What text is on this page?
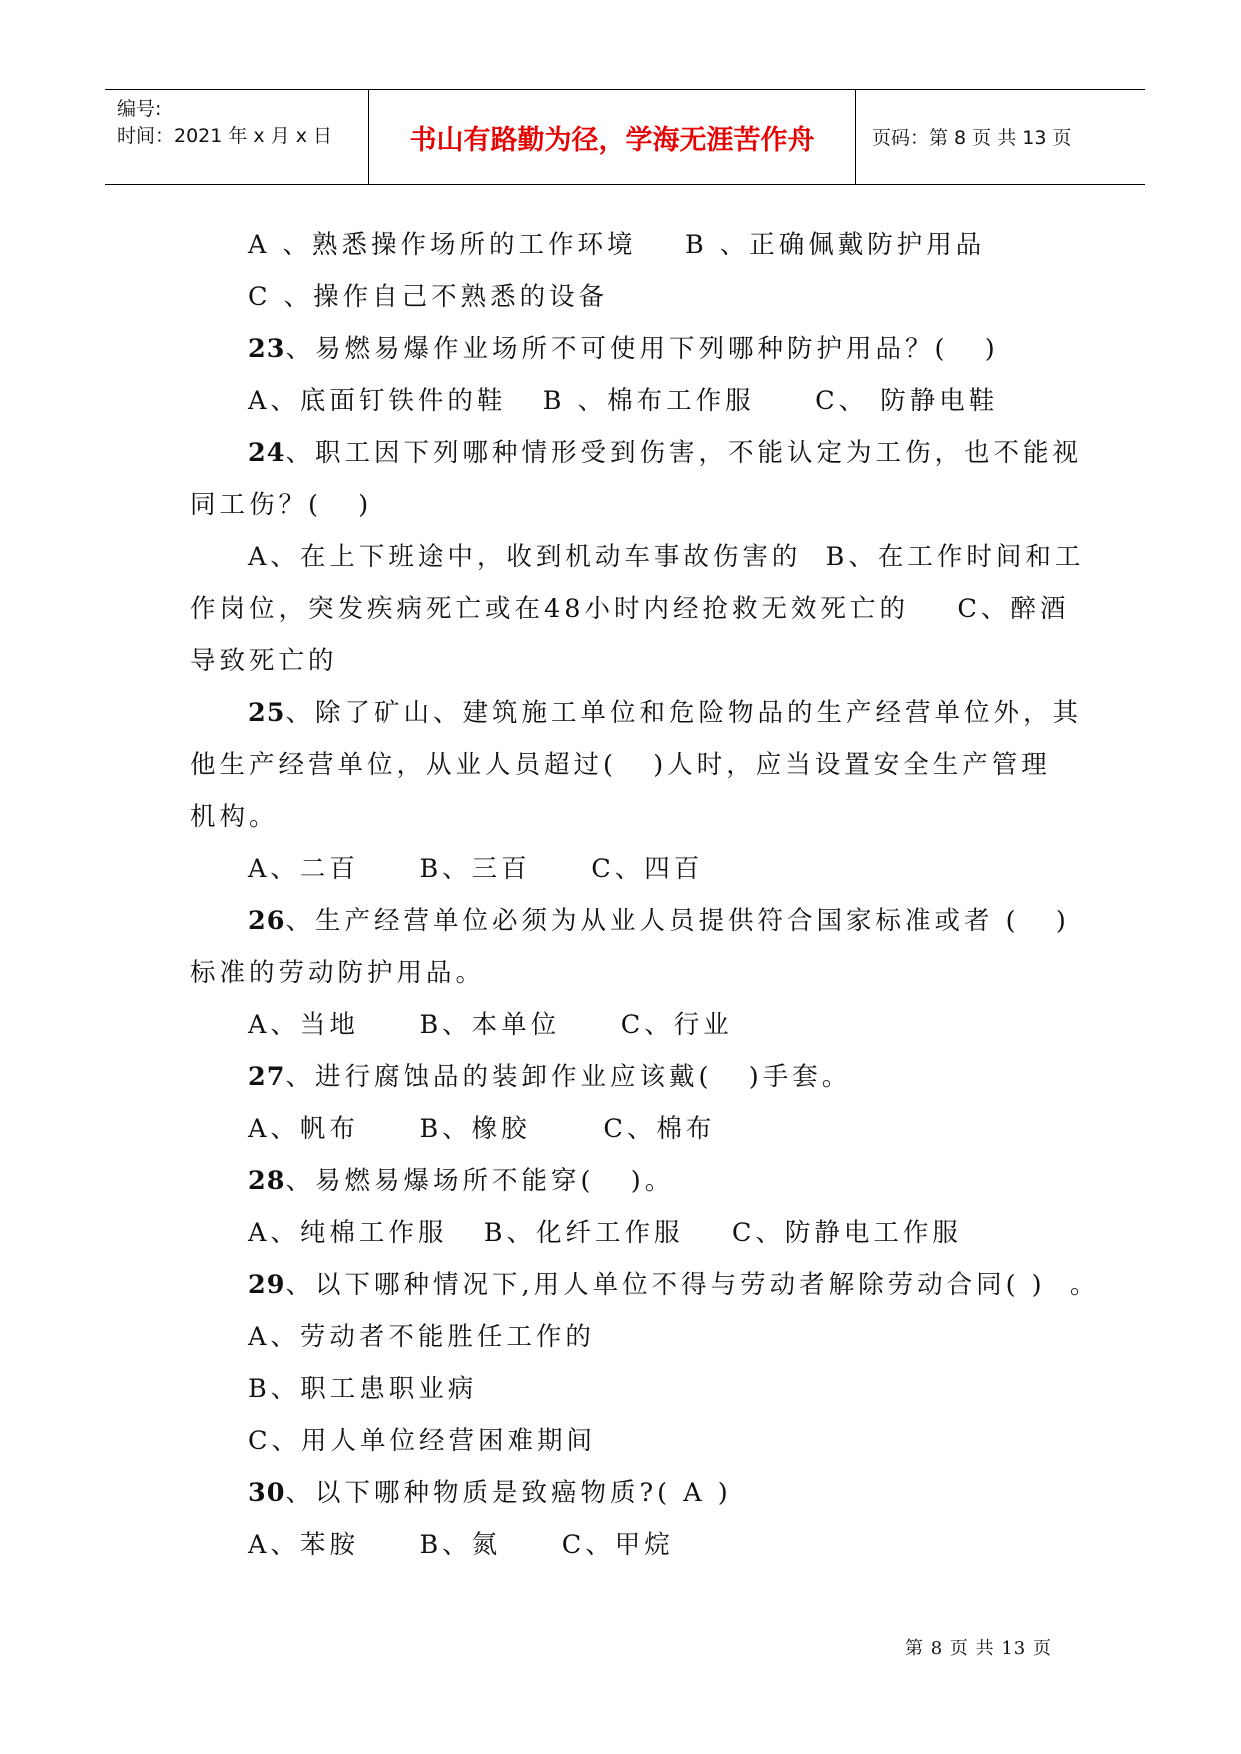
编号:
时间：2021 年 x 月 x 日	书山有路勤为径，学海无涯苦作舟	页码：第 8 页 共 13 页
A 、熟悉操作场所的工作环境    B 、正确佩戴防护用品
C 、操作自己不熟悉的设备
23、易燃易爆作业场所不可使用下列哪种防护用品？(   )
A、底面钉铁件的鞋   B 、棉布工作服     C、 防静电鞋
24、职工因下列哪种情形受到伤害，不能认定为工伤，也不能视
同工伤？(   )
A、在上下班途中，收到机动车事故伤害的  B、在工作时间和工
作岗位，突发疾病死亡或在48小时内经抢救无效死亡的    C、醉酒
导致死亡的
25、除了矿山、建筑施工单位和危险物品的生产经营单位外，其
他生产经营单位，从业人员超过(   )人时，应当设置安全生产管理
机构。
A、二百     B、三百     C、四百
26、生产经营单位必须为从业人员提供符合国家标准或者 (   )
标准的劳动防护用品。
A、当地     B、本单位     C、行业
27、进行腐蚀品的装卸作业应该戴(   )手套。
A、帆布     B、橡胶      C、棉布
28、易燃易爆场所不能穿(   )。
A、纯棉工作服   B、化纤工作服    C、防静电工作服
29、以下哪种情况下,用人单位不得与劳动者解除劳动合同( )  。
A、劳动者不能胜任工作的
B、职工患职业病
C、用人单位经营困难期间
30、以下哪种物质是致癌物质?( A )
A、苯胺     B、氮     C、甲烷
第 8 页 共 13 页
